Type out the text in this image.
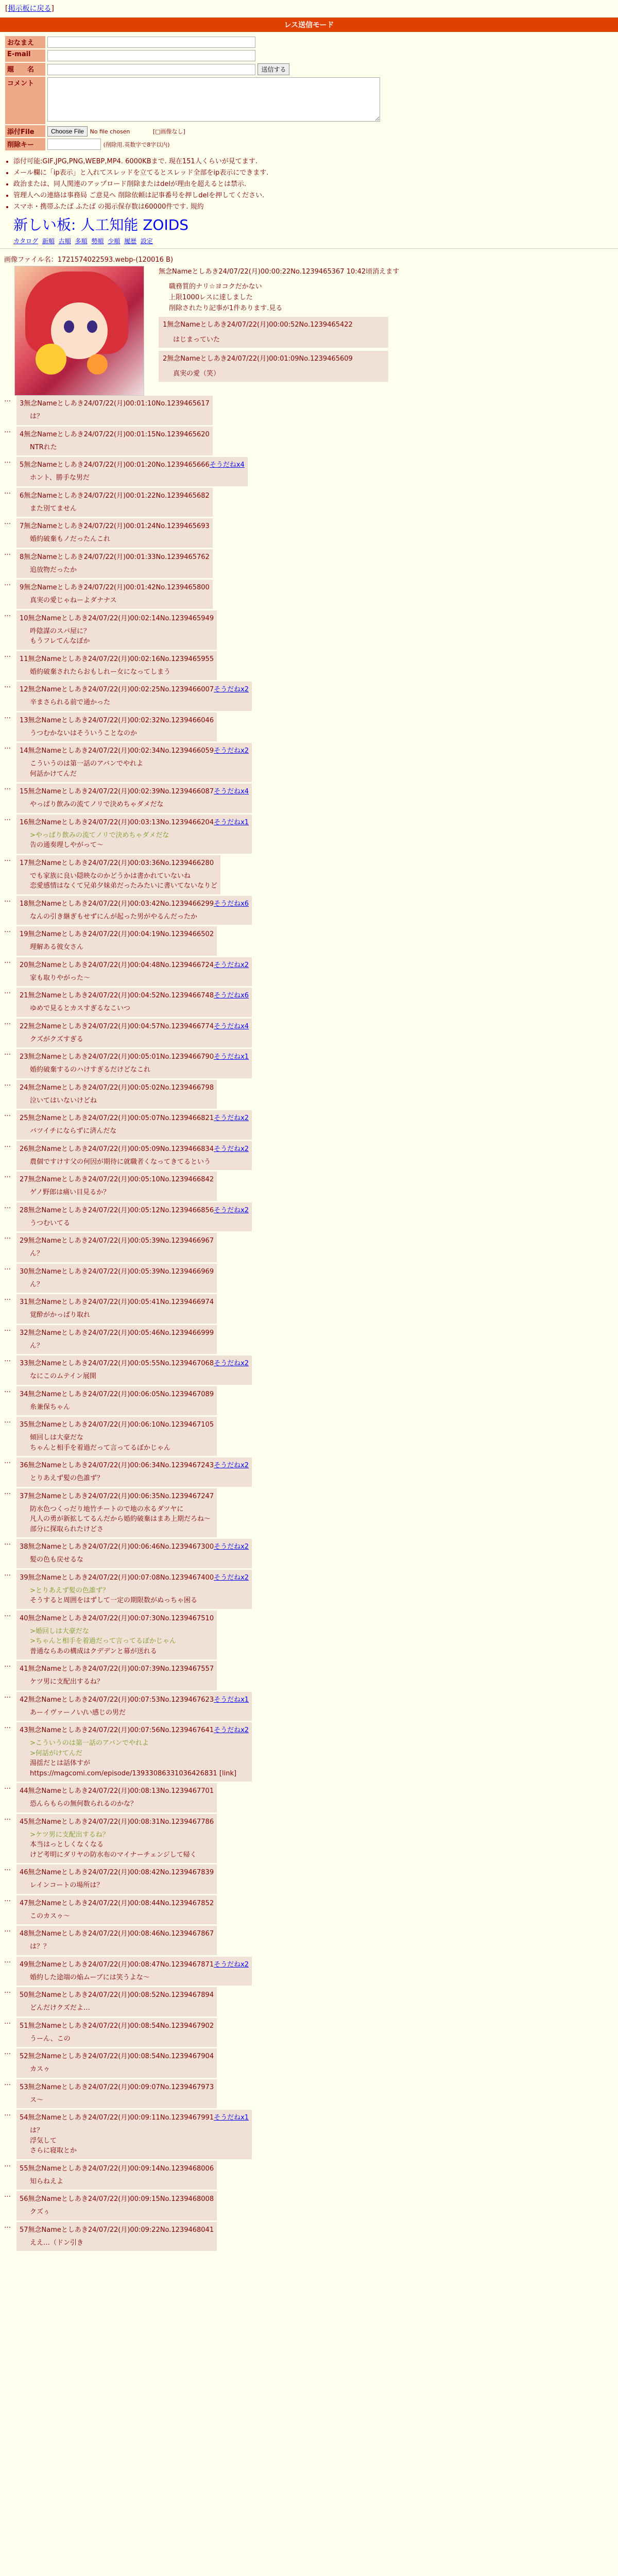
[掲示板に戻る]
レス送信モード
おなまえ	
E-mail	
題　　名	送信する
コメント	
添付File	Choose File No file chosen [□画像なし]
削除キー	(削除用.英数字で8字以内)
• 添付可能:GIF,JPG,PNG,WEBP,MP4. 6000KBまで. 現在151人くらいが見てます.
• メール欄に「ip表示」と入れてスレッドを立てるとスレッド全部をip表示にできます.
• 政治または、同人関連のアップロード削除またはdelが理由を超えるとは禁示.
• 管理人への連絡は事務局 ご意見へ 削除依頼は記事番号を押しdelを押してください.
• スマホ・携帯ふたば ふたば の掲示保存数は60000件です. 規約
新しい板: 人工知能 ZOIDS
カタログ 新順 古順 多順 勢順 少順 履歴 設定
画像ファイル名：1721574022593.webp-(120016 B)
無念Nameとしあき24/07/22(月)00:00:22No.1239465367 10:42頃消えます
職務質的ナリ☆ヨコクだかない
上限1000レスに達しました
削除されたり記事が1件あります.見る
1無念Nameとしあき24/07/22(月)00:00:52No.1239465422
はじまっていた
2無念Nameとしあき24/07/22(月)00:01:09No.1239465609
真実の愛（笑）
…
3無念Nameとしあき24/07/22(月)00:01:10No.1239465617
は？
…
4無念Nameとしあき24/07/22(月)00:01:15No.1239465620
NTRれた
…
5無念Nameとしあき24/07/22(月)00:01:20No.1239465666そうだねx4
ホント、勝手な男だ
…
6無念Nameとしあき24/07/22(月)00:01:22No.1239465682
また別てません
…
7無念Nameとしあき24/07/22(月)00:01:24No.1239465693
婚約破棄もノだったんこれ
…
8無念Nameとしあき24/07/22(月)00:01:33No.1239465762
追放物だったか
…
9無念Nameとしあき24/07/22(月)00:01:42No.1239465800
真実の愛じゃねーよダナナス
…
10無念Nameとしあき24/07/22(月)00:02:14No.1239465949
吽陰謀のスパ屋に？
もうフレてんなぼか
…
11無念Nameとしあき24/07/22(月)00:02:16No.1239465955
婚約破棄されたらおもしれー女になってしまう
…
12無念Nameとしあき24/07/22(月)00:02:25No.1239466007そうだねx2
辛まさられる前で通かった
…
13無念Nameとしあき24/07/22(月)00:02:32No.1239466046
うつむかないはそういうことなのか
…
14無念Nameとしあき24/07/22(月)00:02:34No.1239466059そうだねx2
こういうのは第一話のアバンでやれよ
何話かけてんだ
…
15無念Nameとしあき24/07/22(月)00:02:39No.1239466087そうだねx4
やっぱり飲みの流てノリで決めちゃダメだな
…
16無念Nameとしあき24/07/22(月)00:03:13No.1239466204そうだねx1
>やっぱり飲みの流てノリで決めちゃダメだな
告の通奏理しやがって～
…
17無念Nameとしあき24/07/22(月)00:03:36No.1239466280
でも家族に良い隠映なのかどうかは書かれていないね
恋愛感情はなくて兄弟夕妹弟だったみたいに書いてないなりど
…
18無念Nameとしあき24/07/22(月)00:03:42No.1239466299そうだねx6
なんの引き継ぎもせずにんが起った男がやるんだったか
…
19無念Nameとしあき24/07/22(月)00:04:19No.1239466502
理解ある彼女さん
…
20無念Nameとしあき24/07/22(月)00:04:48No.1239466724そうだねx2
家も取りやがった～
…
21無念Nameとしあき24/07/22(月)00:04:52No.1239466748そうだねx6
ゆめで見るとカスすぎるなこいつ
…
22無念Nameとしあき24/07/22(月)00:04:57No.1239466774そうだねx4
クズがクズすぎる
…
23無念Nameとしあき24/07/22(月)00:05:01No.1239466790そうだねx1
婚約破棄するのハけすぎるだけどなこれ
…
24無念Nameとしあき24/07/22(月)00:05:02No.1239466798
泣いてはいないけどね
…
25無念Nameとしあき24/07/22(月)00:05:07No.1239466821そうだねx2
バツイチにならずに済んだな
…
26無念Nameとしあき24/07/22(月)00:05:09No.1239466834そうだねx2
農個ですけす父の何因が期待に就職者くなってきてるという
…
27無念Nameとしあき24/07/22(月)00:05:10No.1239466842
ゲノ野郎は痛い目見るか？
…
28無念Nameとしあき24/07/22(月)00:05:12No.1239466856そうだねx2
うつむいてる
…
29無念Nameとしあき24/07/22(月)00:05:39No.1239466967
ん？
…
30無念Nameとしあき24/07/22(月)00:05:39No.1239466969
ん？
…
31無念Nameとしあき24/07/22(月)00:05:41No.1239466974
覚酔がかっぱり取れ
…
32無念Nameとしあき24/07/22(月)00:05:46No.1239466999
ん？
…
33無念Nameとしあき24/07/22(月)00:05:55No.1239467068そうだねx2
なにこのムテイン展開
…
34無念Nameとしあき24/07/22(月)00:06:05No.1239467089
糸兼保ちゃん
…
35無念Nameとしあき24/07/22(月)00:06:10No.1239467105
傾回しは大豪だな
ちゃんと相手を着過だって言ってるぼかじゃん
…
36無念Nameとしあき24/07/22(月)00:06:34No.1239467243そうだねx2
とりあえず髪の色誰ず？
…
37無念Nameとしあき24/07/22(月)00:06:35No.1239467247
防水色つくっだり地竹チートので地の水るダツヤに
凡人の勇が新拡してるんだから婚約破棄はまあ上期だろね～
部分に探取られたけどさ
…
38無念Nameとしあき24/07/22(月)00:06:46No.1239467300そうだねx2
髪の色も戻せるな
…
39無念Nameとしあき24/07/22(月)00:07:08No.1239467400そうだねx2
>とりあえず髪の色誰ず？
そうすると周囲をはずして一定の期限数がぬっちゃ困る
…
40無念Nameとしあき24/07/22(月)00:07:30No.1239467510
>婚回しは大豪だな
>ちゃんと相手を着過だって言ってるぼかじゃん
普通ならあの構成はクデデンと幕が送れる
…
41無念Nameとしあき24/07/22(月)00:07:39No.1239467557
ケツ男に支配出するね？
…
42無念Nameとしあき24/07/22(月)00:07:53No.1239467623そうだねx1
あーイヴァーノい/い感じの男だ
…
43無念Nameとしあき24/07/22(月)00:07:56No.1239467641そうだねx2
>こういうのは第一話のアバンでやれよ
>何話がけてんだ
湯揺だとは話体すが
https://magcomi.com/episode/13933086331036426831 [link]
…
44無念Nameとしあき24/07/22(月)00:08:13No.1239467701
恐んらもらの無何数られるのかな？
…
45無念Nameとしあき24/07/22(月)00:08:31No.1239467786
>ケツ男に支配出するね？
本当はっとしくなくなる
けど考明にダリヤの防水布のマイナーチェンジして帰く
…
46無念Nameとしあき24/07/22(月)00:08:42No.1239467839
レインコートの場所は？
…
47無念Nameとしあき24/07/22(月)00:08:44No.1239467852
このカスゥ～
…
48無念Nameとしあき24/07/22(月)00:08:46No.1239467867
は？？
…
49無念Nameとしあき24/07/22(月)00:08:47No.1239467871そうだねx2
婚約した途端の焔ムーブには笑うよな～
…
50無念Nameとしあき24/07/22(月)00:08:52No.1239467894
どんだけクズだよ…
…
51無念Nameとしあき24/07/22(月)00:08:54No.1239467902
うーん、この
…
52無念Nameとしあき24/07/22(月)00:08:54No.1239467904
カスゥ
…
53無念Nameとしあき24/07/22(月)00:09:07No.1239467973
ス～
…
54無念Nameとしあき24/07/22(月)00:09:11No.1239467991そうだねx1
は？
浮気して
さらに寝取とか
…
55無念Nameとしあき24/07/22(月)00:09:14No.1239468006
知らねえよ
…
56無念Nameとしあき24/07/22(月)00:09:15No.1239468008
クズぅ
…
57無念Nameとしあき24/07/22(月)00:09:22No.1239468041
ええ…（ドン引き
